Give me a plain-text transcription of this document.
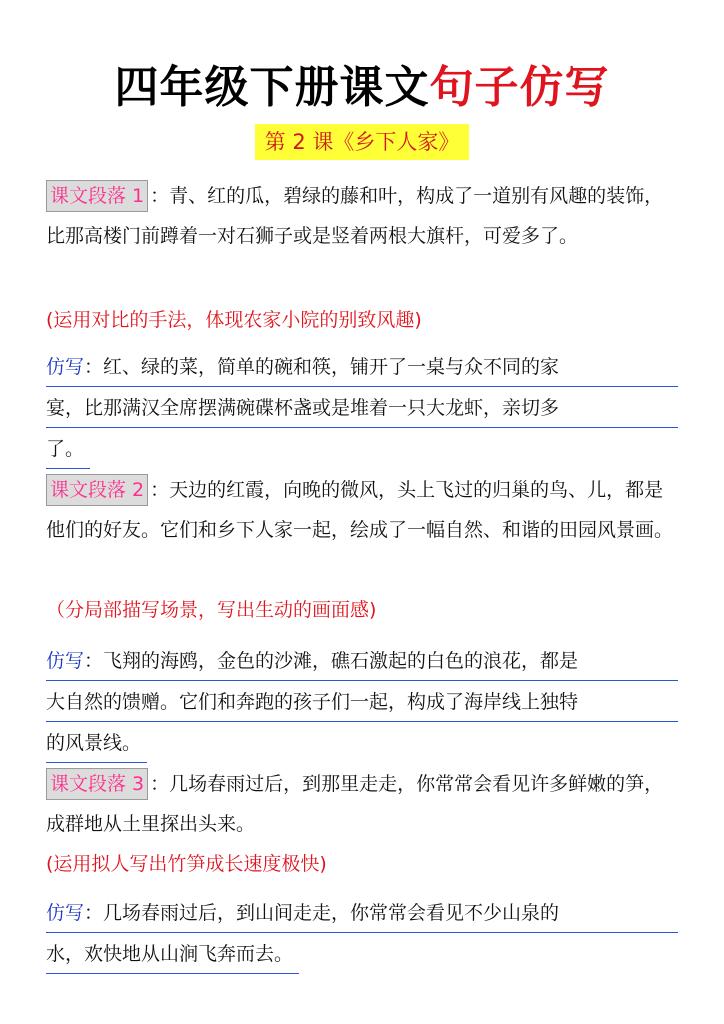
四年级下册课文句子仿写
第 2 课《乡下人家》
课文段落 1 ：青、红的瓜，碧绿的藤和叶，构成了一道别有风趣的装饰，比那高楼门前蹲着一对石狮子或是竖着两根大旗杆，可爱多了。
(运用对比的手法，体现农家小院的别致风趣)
仿写：红、绿的菜，简单的碗和筷，铺开了一桌与众不同的家
宴，比那满汉全席摆满碗碟杯盏或是堆着一只大龙虾，亲切多
了。
课文段落 2 ：天边的红霞，向晚的微风，头上飞过的归巢的鸟、儿，都是他们的好友。它们和乡下人家一起，绘成了一幅自然、和谐的田园风景画。
（分局部描写场景，写出生动的画面感)
仿写：飞翔的海鸥，金色的沙滩，礁石激起的白色的浪花，都是
大自然的馈赠。它们和奔跑的孩子们一起，构成了海岸线上独特
的风景线。
课文段落 3 ：几场春雨过后，到那里走走，你常常会看见许多鲜嫩的笋，成群地从土里探出头来。
(运用拟人写出竹笋成长速度极快)
仿写：几场春雨过后，到山间走走，你常常会看见不少山泉的
水，欢快地从山涧飞奔而去。
